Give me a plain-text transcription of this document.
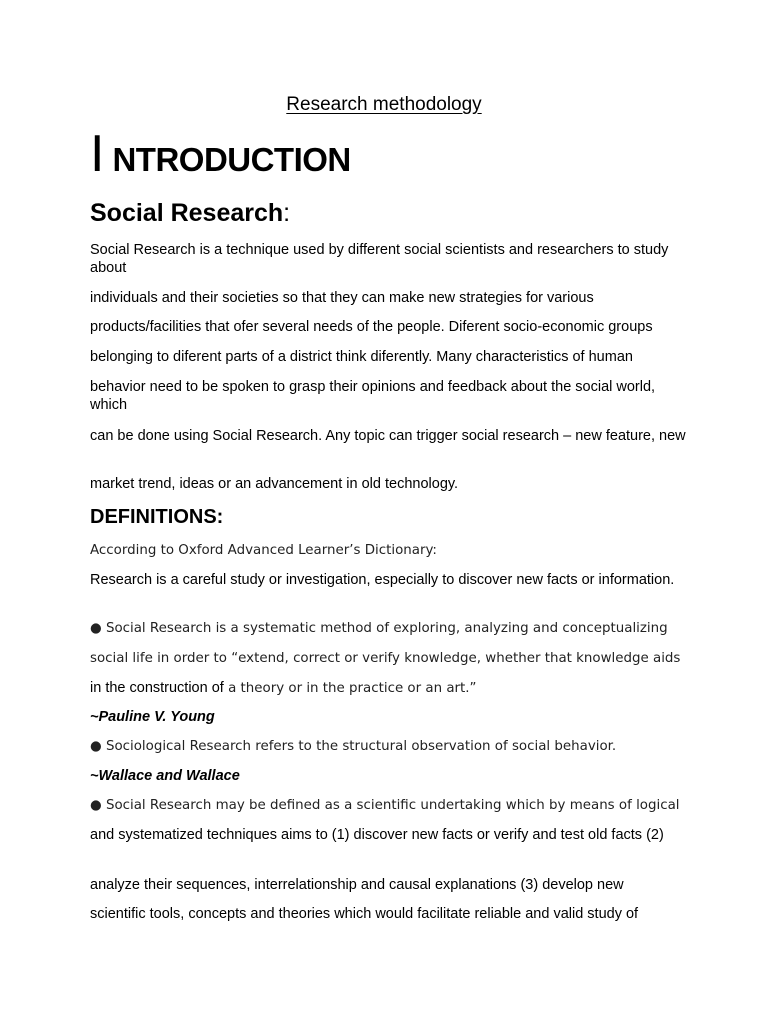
Research methodology
I NTRODUCTION
Social Research:

Social Research is a technique used by different social scientists and researchers to study about

individuals and their societies so that they can make new strategies for various

products/facilities that ofer several needs of the people. Diferent socio-economic groups

belonging to diferent parts of a district think diferently. Many characteristics of human

behavior need to be spoken to grasp their opinions and feedback about the social world, which

can be done using Social Research. Any topic can trigger social research – new feature, new

market trend, ideas or an advancement in old technology.

DEFINITIONS:

According to Oxford Advanced Learner’s Dictionary:

Research is a careful study or investigation, especially to discover new facts or information.

● Social Research is a systematic method of exploring, analyzing and conceptualizing

social life in order to “extend, correct or verify knowledge, whether that knowledge aids

in the construction of a theory or in the practice or an art.”

~Pauline V. Young

● Sociological Research refers to the structural observation of social behavior.

~Wallace and Wallace

● Social Research may be defined as a scientific undertaking which by means of logical

and systematized techniques aims to (1) discover new facts or verify and test old facts (2)

analyze their sequences, interrelationship and causal explanations (3) develop new

scientific tools, concepts and theories which would facilitate reliable and valid study of
